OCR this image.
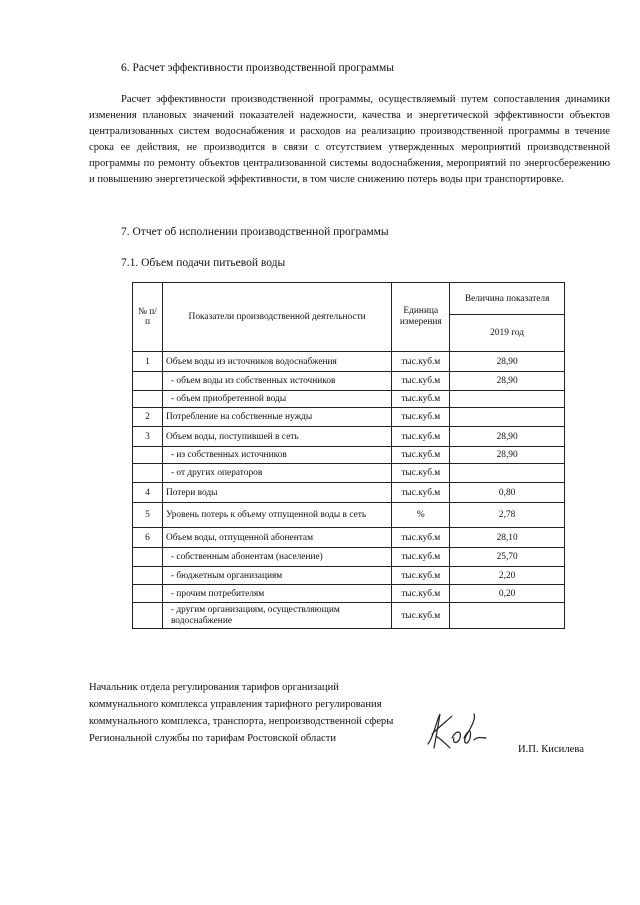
6. Расчет эффективности производственной программы
Расчет эффективности производственной программы, осуществляемый путем сопоставления динамики изменения плановых значений показателей надежности, качества и энергетической эффективности объектов централизованных систем водоснабжения и расходов на реализацию производственной программы в течение срока ее действия, не производится в связи с отсутствием утвержденных мероприятий производственной программы по ремонту объектов централизованной системы водоснабжения, мероприятий по энергосбережению и повышению энергетической эффективности, в том числе снижению потерь воды при транспортировке.
7. Отчет об исполнении производственной программы
7.1. Объем подачи питьевой воды
№ п/п	Показатели производственной деятельности	Единица измерения	Величина показателя
			2019 год
1	Объем воды из источников водоснабжения	тыс.куб.м	28,90
	- объем воды из собственных источников	тыс.куб.м	28,90
	- объем приобретенной воды	тыс.куб.м	
2	Потребление на собственные нужды	тыс.куб.м	
3	Объем воды, поступившей в сеть	тыс.куб.м	28,90
	- из собственных источников	тыс.куб.м	28,90
	- от других операторов	тыс.куб.м	
4	Потери воды	тыс.куб.м	0,80
5	Уровень потерь к объему отпущенной воды в сеть	%	2,78
6	Объем воды, отпущенной абонентам	тыс.куб.м	28,10
	- собственным абонентам (население)	тыс.куб.м	25,70
	- бюджетным организациям	тыс.куб.м	2,20
	- прочим потребителям	тыс.куб.м	0,20
	- другим организациям, осуществляющим водоснабжение	тыс.куб.м	
Начальник отдела регулирования тарифов организаций коммунального комплекса управления тарифного регулирования коммунального комплекса, транспорта, непроизводственной сферы Региональной службы по тарифам Ростовской области
И.П. Кисилева
